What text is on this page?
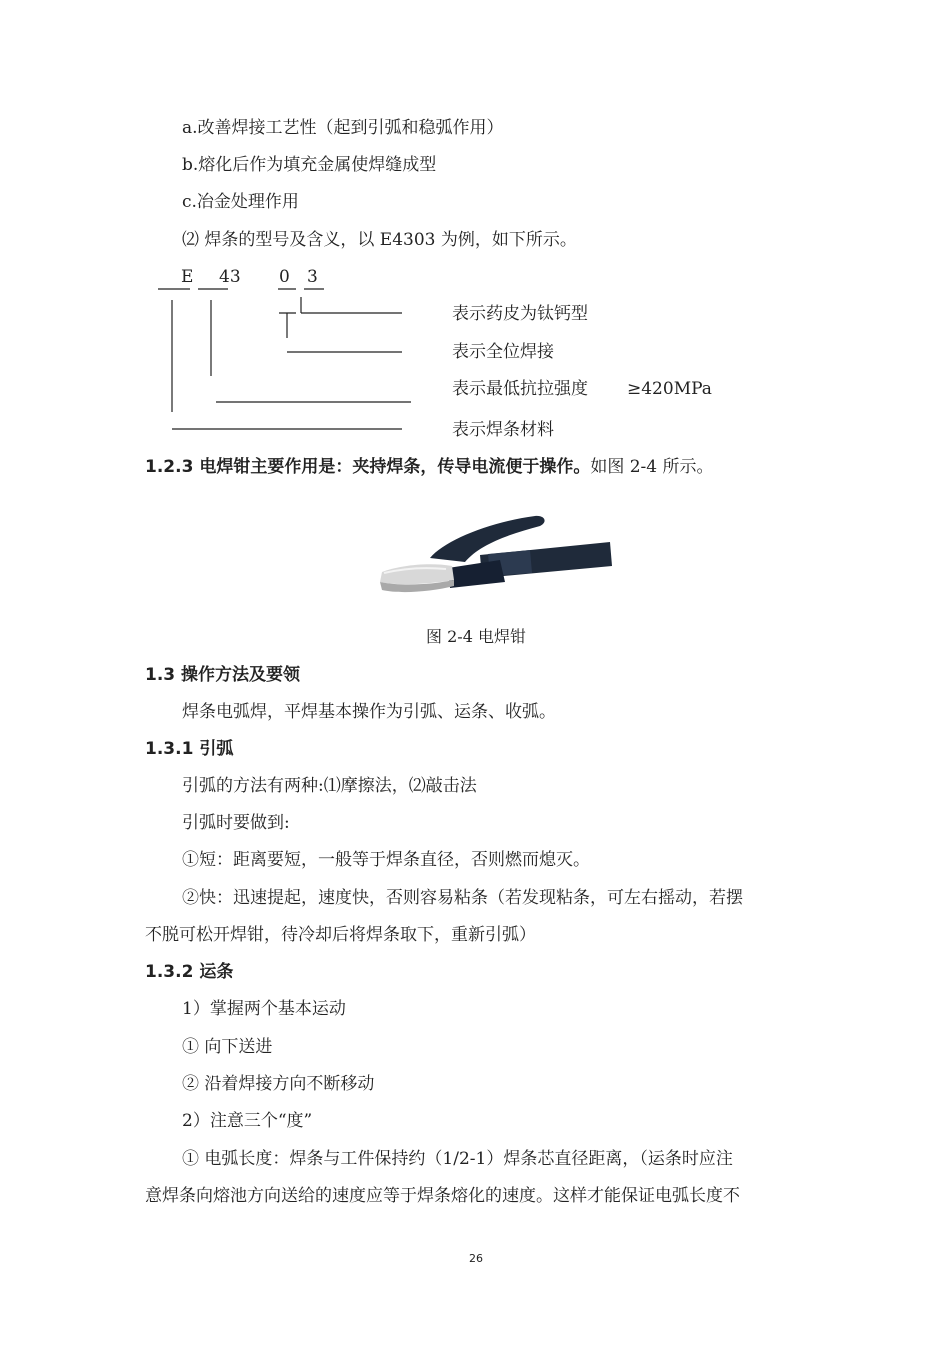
a.改善焊接工艺性（起到引弧和稳弧作用）
b.熔化后作为填充金属使焊缝成型
c.冶金处理作用
⑵ 焊条的型号及含义，以 E4303 为例，如下所示。
E 43 0 3
表示药皮为钛钙型
表示全位焊接
表示最低抗拉强度 ≥420MPa
表示焊条材料
1.2.3 电焊钳主要作用是：夹持焊条，传导电流便于操作。如图 2-4 所示。
图 2-4 电焊钳
1.3 操作方法及要领
焊条电弧焊，平焊基本操作为引弧、运条、收弧。
1.3.1 引弧
引弧的方法有两种:⑴摩擦法，⑵敲击法
引弧时要做到:
①短：距离要短，一般等于焊条直径，否则燃而熄灭。
②快：迅速提起，速度快，否则容易粘条（若发现粘条，可左右摇动，若摆
不脱可松开焊钳，待冷却后将焊条取下，重新引弧）
1.3.2 运条
1）掌握两个基本运动
① 向下送进
② 沿着焊接方向不断移动
2）注意三个“度”
① 电弧长度：焊条与工件保持约（1/2-1）焊条芯直径距离，（运条时应注
意焊条向熔池方向送给的速度应等于焊条熔化的速度。这样才能保证电弧长度不
26
